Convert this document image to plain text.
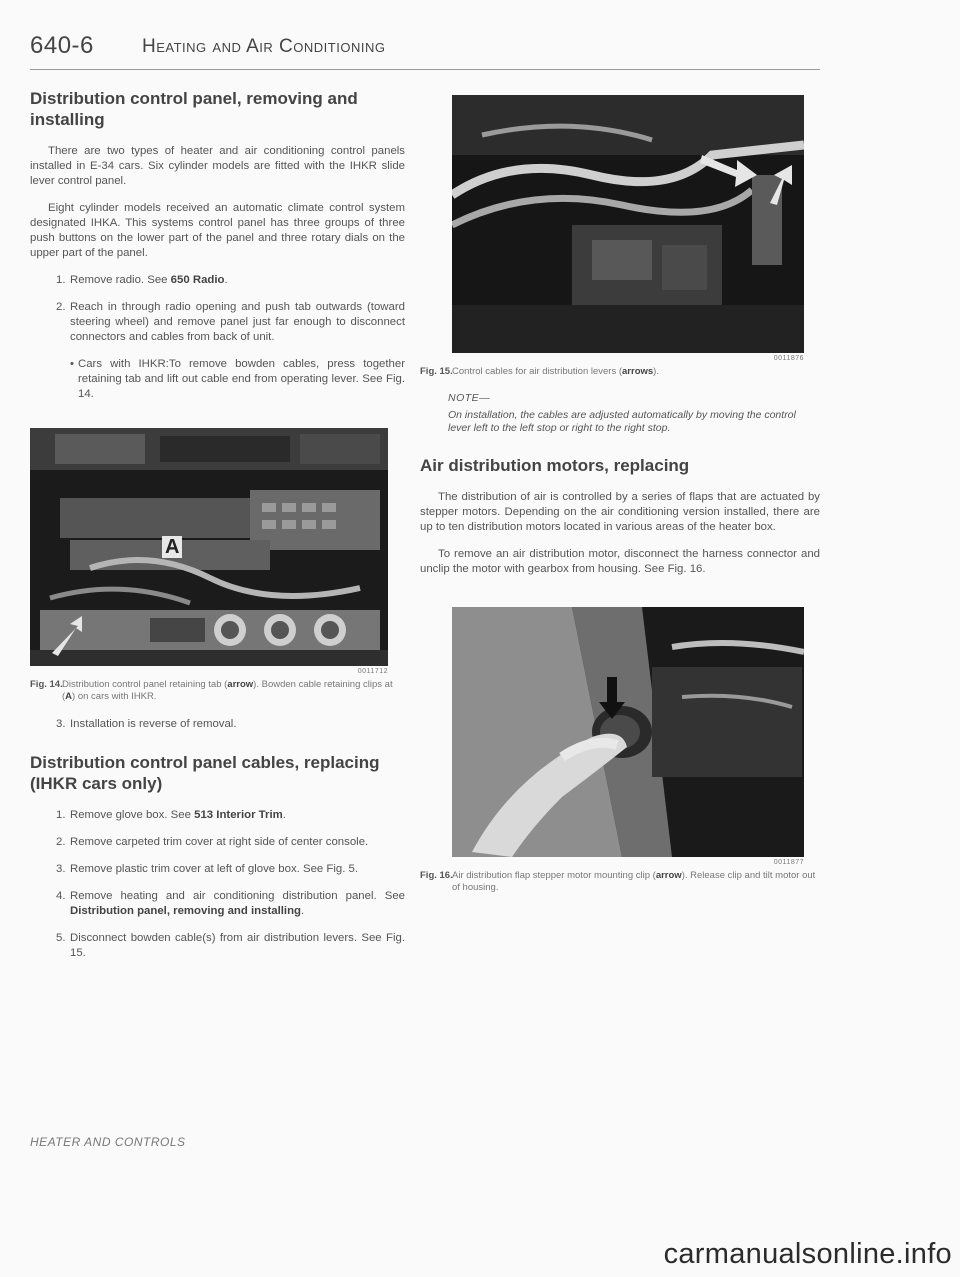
640-6	Heating and Air Conditioning
Distribution control panel, removing and installing

There are two types of heater and air conditioning control panels installed in E-34 cars. Six cylinder models are fitted with the IHKR slide lever control panel.

Eight cylinder models received an automatic climate control system designated IHKA. This systems control panel has three groups of three push buttons on the lower part of the panel and three rotary dials on the upper part of the panel.

1. Remove radio. See 650 Radio.
2. Reach in through radio opening and push tab outwards (toward steering wheel) and remove panel just far enough to disconnect connectors and cables from back of unit.
• Cars with IHKR:To remove bowden cables, press together retaining tab and lift out cable end from operating lever. See Fig. 14.
A
0011712
Fig. 14. Distribution control panel retaining tab (arrow). Bowden cable retaining clips at (A) on cars with IHKR.
3. Installation is reverse of removal.
Distribution control panel cables, replacing (IHKR cars only)
1. Remove glove box. See 513 Interior Trim.
2. Remove carpeted trim cover at right side of center console.
3. Remove plastic trim cover at left of glove box. See Fig. 5.
4. Remove heating and air conditioning distribution panel. See Distribution panel, removing and installing.
5. Disconnect bowden cable(s) from air distribution levers. See Fig. 15.
0011876
Fig. 15. Control cables for air distribution levers (arrows).
NOTE—
On installation, the cables are adjusted automatically by moving the control lever left to the left stop or right to the right stop.
Air distribution motors, replacing

The distribution of air is controlled by a series of flaps that are actuated by stepper motors. Depending on the air conditioning version installed, there are up to ten distribution motors located in various areas of the heater box.

To remove an air distribution motor, disconnect the harness connector and unclip the motor with gearbox from housing. See Fig. 16.

0011877
Fig. 16. Air distribution flap stepper motor mounting clip (arrow). Release clip and tilt motor out of housing.
HEATER AND CONTROLS
carmanualsonline.info
